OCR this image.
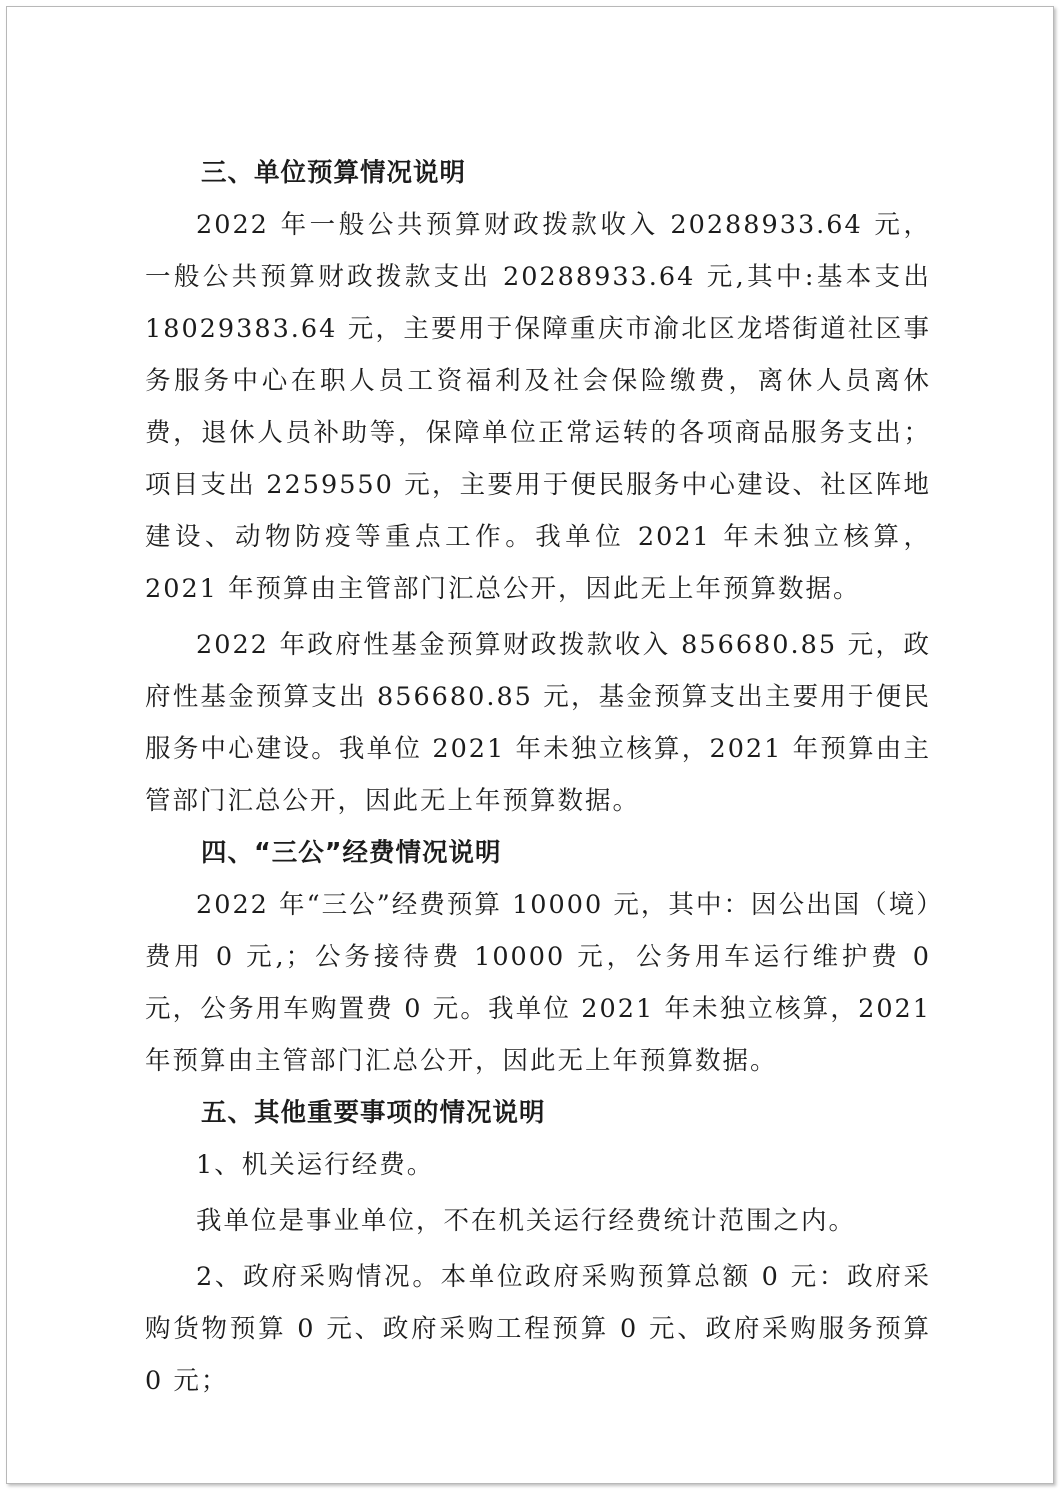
三、单位预算情况说明

2022 年一般公共预算财政拨款收入 20288933.64 元，一般公共预算财政拨款支出 20288933.64 元,其中:基本支出 18029383.64 元，主要用于保障重庆市渝北区龙塔街道社区事务服务中心在职人员工资福利及社会保险缴费，离休人员离休费，退休人员补助等，保障单位正常运转的各项商品服务支出；项目支出 2259550 元，主要用于便民服务中心建设、社区阵地建设、动物防疫等重点工作。我单位 2021 年未独立核算，2021 年预算由主管部门汇总公开，因此无上年预算数据。

2022 年政府性基金预算财政拨款收入 856680.85 元，政府性基金预算支出 856680.85 元，基金预算支出主要用于便民服务中心建设。我单位 2021 年未独立核算，2021 年预算由主管部门汇总公开，因此无上年预算数据。

四、“三公”经费情况说明

2022 年“三公”经费预算 10000 元，其中：因公出国（境）费用 0 元,；公务接待费 10000 元，公务用车运行维护费 0 元，公务用车购置费 0 元。我单位 2021 年未独立核算，2021 年预算由主管部门汇总公开，因此无上年预算数据。

五、其他重要事项的情况说明

1、机关运行经费。

我单位是事业单位，不在机关运行经费统计范围之内。

2、政府采购情况。本单位政府采购预算总额 0 元：政府采购货物预算 0 元、政府采购工程预算 0 元、政府采购服务预算 0 元；
